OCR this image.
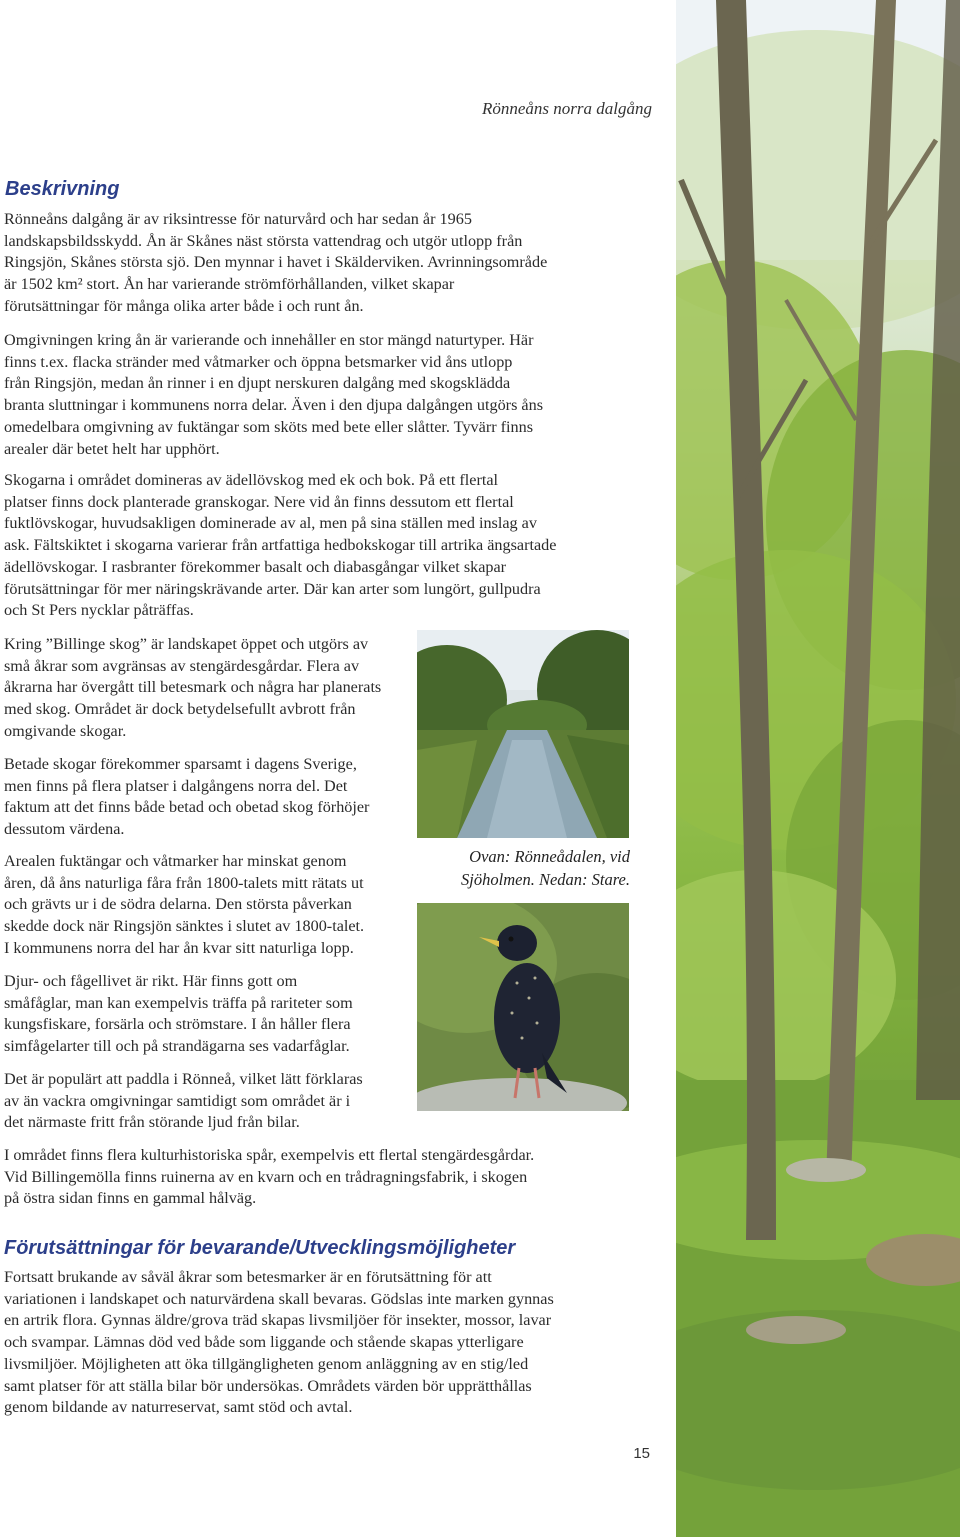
Rönneåns norra dalgång
Beskrivning
Rönneåns dalgång är av riksintresse för naturvård och har sedan år 1965
landskapsbildsskydd. Ån är Skånes näst största vattendrag och utgör utlopp från
Ringsjön, Skånes största sjö. Den mynnar i havet i Skälderviken. Avrinningsområde
är 1502 km² stort. Ån har varierande strömförhållanden, vilket skapar
förutsättningar för många olika arter både i och runt ån.
Omgivningen kring ån är varierande och innehåller en stor mängd naturtyper. Här
finns t.ex. flacka stränder med våtmarker och öppna betsmarker vid åns utlopp
från Ringsjön, medan ån rinner i en djupt nerskuren dalgång med skogsklädda
branta sluttningar i kommunens norra delar. Även i den djupa dalgången utgörs åns
omedelbara omgivning av fuktängar som sköts med bete eller slåtter. Tyvärr finns
arealer där betet helt har upphört.
Skogarna i området domineras av ädellövskog med ek och bok. På ett flertal
platser finns dock planterade granskogar. Nere vid ån finns dessutom ett flertal
fuktlövskogar, huvudsakligen dominerade av al, men på sina ställen med inslag av
ask. Fältskiktet i skogarna varierar från artfattiga hedbokskogar till artrika ängsartade
ädellövskogar. I rasbranter förekommer basalt och diabasgångar vilket skapar
förutsättningar för mer näringskrävande arter. Där kan arter som lungört, gullpudra
och St Pers nycklar påträffas.
Kring ”Billinge skog” är landskapet öppet och utgörs av
små åkrar som avgränsas av stengärdesgårdar. Flera av
åkrarna har övergått till betesmark och några har planerats
med skog. Området är dock betydelsefullt avbrott från
omgivande skogar.
Betade skogar förekommer sparsamt i dagens Sverige,
men finns på flera platser i dalgångens norra del. Det
faktum att det finns både betad och obetad skog förhöjer
dessutom värdena.
Arealen fuktängar och våtmarker har minskat genom
åren, då åns naturliga fåra från 1800-talets mitt rätats ut
och grävts ur i de södra delarna. Den största påverkan
skedde dock när Ringsjön sänktes i slutet av 1800-talet.
I kommunens norra del har ån kvar sitt naturliga lopp.
Djur- och fågellivet är rikt. Här finns gott om
småfåglar, man kan exempelvis träffa på rariteter som
kungsfiskare, forsärla och strömstare. I ån håller flera
simfågelarter till och på strandägarna ses vadarfåglar.
Det är populärt att paddla i Rönneå, vilket lätt förklaras
av än vackra omgivningar samtidigt som området är i
det närmaste fritt från störande ljud från bilar.
I området finns flera kulturhistoriska spår, exempelvis ett flertal stengärdesgårdar.
Vid Billingemölla finns ruinerna av en kvarn och en trådragningsfabrik, i skogen
på östra sidan finns en gammal hålväg.
Ovan: Rönneådalen, vid
Sjöholmen. Nedan: Stare.
Förutsättningar för bevarande/Utvecklingsmöjligheter
Fortsatt brukande av såväl åkrar som betesmarker är en förutsättning för att
variationen i landskapet och naturvärdena skall bevaras. Gödslas inte marken gynnas
en artrik flora. Gynnas äldre/grova träd skapas livsmiljöer för insekter, mossor, lavar
och svampar. Lämnas död ved både som liggande och stående skapas ytterligare
livsmiljöer. Möjligheten att öka tillgängligheten genom anläggning av en stig/led
samt platser för att ställa bilar bör undersökas. Områdets värden bör upprätthållas
genom bildande av naturreservat, samt stöd och avtal.
15
